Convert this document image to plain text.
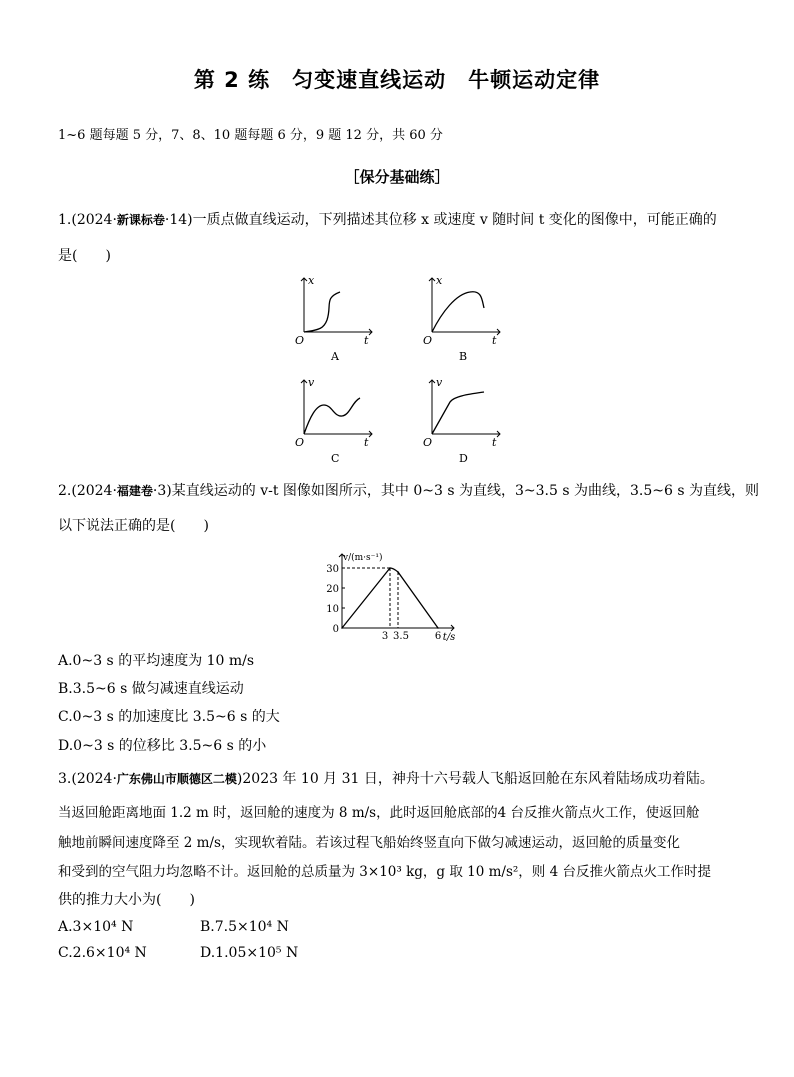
第 2 练　匀变速直线运动　牛顿运动定律
1~6 题每题 5 分，7、8、10 题每题 6 分，9 题 12 分，共 60 分
［保分基础练］
1.(2024·新课标卷·14)一质点做直线运动，下列描述其位移 x 或速度 v 随时间 t 变化的图像中，可能正确的
是(　　)
x
t
O
A
x
t
O
B
v
t
O
C
v
t
O
D
2.(2024·福建卷·3)某直线运动的 v-t 图像如图所示，其中 0~3 s 为直线，3~3.5 s 为曲线，3.5~6 s 为直线，则
以下说法正确的是(　　)
10
20
30
3 3.5	6
0
t/s
v/(m·s⁻¹)
A.0~3 s 的平均速度为 10 m/s
B.3.5~6 s 做匀减速直线运动
C.0~3 s 的加速度比 3.5~6 s 的大
D.0~3 s 的位移比 3.5~6 s 的小
3.(2024·广东佛山市顺德区二模)2023 年 10 月 31 日，神舟十六号载人飞船返回舱在东风着陆场成功着陆。
当返回舱距离地面 1.2 m 时，返回舱的速度为 8 m/s，此时返回舱底部的4 台反推火箭点火工作，使返回舱
触地前瞬间速度降至 2 m/s，实现软着陆。若该过程飞船始终竖直向下做匀减速运动，返回舱的质量变化
和受到的空气阻力均忽略不计。返回舱的总质量为 3×10³ kg，g 取 10 m/s²，则 4 台反推火箭点火工作时提
供的推力大小为(　　)
A.3×10⁴ N	B.7.5×10⁴ N
C.2.6×10⁴ N	D.1.05×10⁵ N
